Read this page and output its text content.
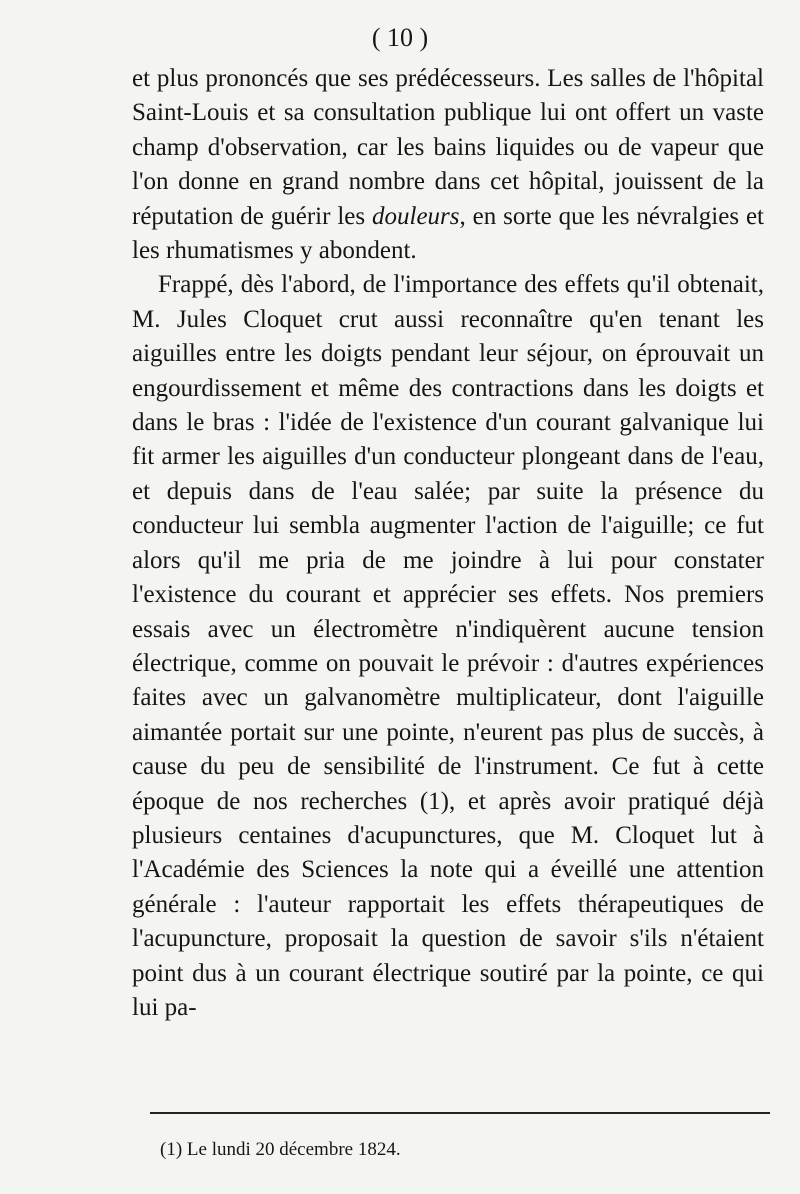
( 10 )

et plus prononcés que ses prédécesseurs. Les salles de l'hôpital Saint-Louis et sa consultation publique lui ont offert un vaste champ d'observation, car les bains liquides ou de vapeur que l'on donne en grand nombre dans cet hôpital, jouissent de la réputation de guérir les douleurs, en sorte que les névralgies et les rhumatismes y abondent.

Frappé, dès l'abord, de l'importance des effets qu'il obtenait, M. Jules Cloquet crut aussi reconnaître qu'en tenant les aiguilles entre les doigts pendant leur séjour, on éprouvait un engourdissement et même des contractions dans les doigts et dans le bras : l'idée de l'existence d'un courant galvanique lui fit armer les aiguilles d'un conducteur plongeant dans de l'eau, et depuis dans de l'eau salée; par suite la présence du conducteur lui sembla augmenter l'action de l'aiguille; ce fut alors qu'il me pria de me joindre à lui pour constater l'existence du courant et apprécier ses effets. Nos premiers essais avec un électromètre n'indiquèrent aucune tension électrique, comme on pouvait le prévoir : d'autres expériences faites avec un galvanomètre multiplicateur, dont l'aiguille aimantée portait sur une pointe, n'eurent pas plus de succès, à cause du peu de sensibilité de l'instrument. Ce fut à cette époque de nos recherches (1), et après avoir pratiqué déjà plusieurs centaines d'acupunctures, que M. Cloquet lut à l'Académie des Sciences la note qui a éveillé une attention générale : l'auteur rapportait les effets thérapeutiques de l'acupuncture, proposait la question de savoir s'ils n'étaient point dus à un courant électrique soutiré par la pointe, ce qui lui pa-

(1) Le lundi 20 décembre 1824.
